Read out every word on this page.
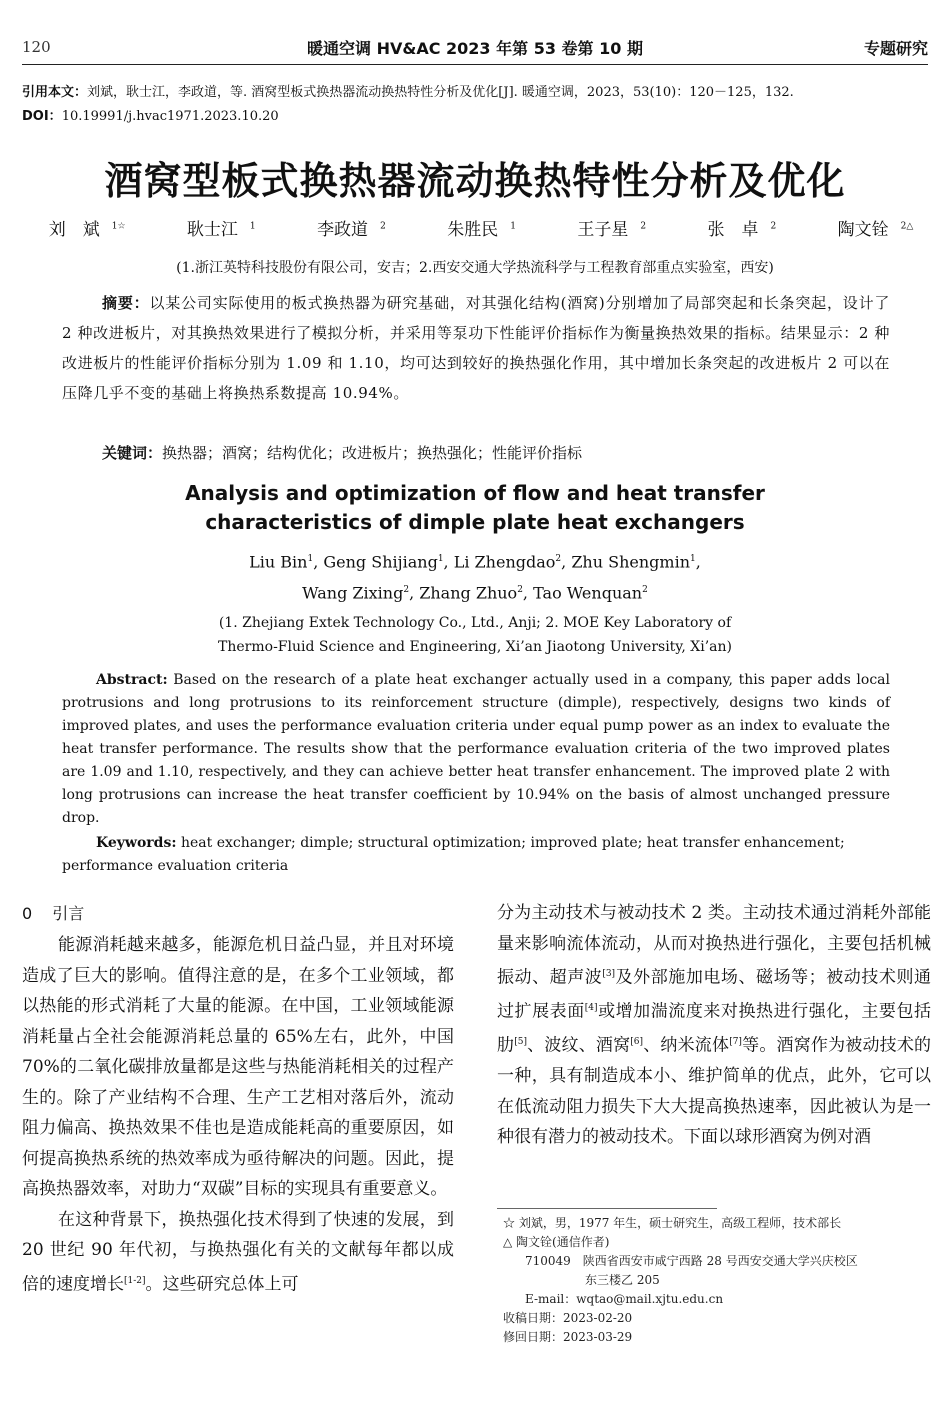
120	暖通空调 HV&AC 2023 年第 53 卷第 10 期	专题研究
引用本文：刘斌，耿士江，李政道，等. 酒窝型板式换热器流动换热特性分析及优化[J]. 暖通空调，2023，53(10)：120－125，132.
DOI：10.19991/j.hvac1971.2023.10.20
酒窝型板式换热器流动换热特性分析及优化
刘　斌 $^{1☆}$	耿士江 $^1$	李政道 $^2$	朱胜民 $^1$	王子星 $^2$	张　卓 $^2$	陶文铨 $^{2\triangle}$
(1.浙江英特科技股份有限公司，安吉；2.西安交通大学热流科学与工程教育部重点实验室，西安)
摘要：以某公司实际使用的板式换热器为研究基础，对其强化结构(酒窝)分别增加了局部突起和长条突起，设计了 2 种改进板片，对其换热效果进行了模拟分析，并采用等泵功下性能评价指标作为衡量换热效果的指标。结果显示：2 种改进板片的性能评价指标分别为 1.09 和 1.10，均可达到较好的换热强化作用，其中增加长条突起的改进板片 2 可以在压降几乎不变的基础上将换热系数提高 10.94%。
关键词：换热器；酒窝；结构优化；改进板片；换热强化；性能评价指标
Analysis and optimization of flow and heat transfer
characteristics of dimple plate heat exchangers
Liu Bin$^1$, Geng Shijiang$^1$, Li Zhengdao$^2$, Zhu Shengmin$^1$,
Wang Zixing$^2$, Zhang Zhuo$^2$, Tao Wenquan$^2$
(1. Zhejiang Extek Technology Co., Ltd., Anji; 2. MOE Key Laboratory of
Thermo-Fluid Science and Engineering, Xi’an Jiaotong University, Xi’an)
Abstract: Based on the research of a plate heat exchanger actually used in a company, this paper adds local protrusions and long protrusions to its reinforcement structure (dimple), respectively, designs two kinds of improved plates, and uses the performance evaluation criteria under equal pump power as an index to evaluate the heat transfer performance. The results show that the performance evaluation criteria of the two improved plates are 1.09 and 1.10, respectively, and they can achieve better heat transfer enhancement. The improved plate 2 with long protrusions can increase the heat transfer coefficient by 10.94% on the basis of almost unchanged pressure drop.
Keywords: heat exchanger; dimple; structural optimization; improved plate; heat transfer enhancement; performance evaluation criteria
0 引言

能源消耗越来越多，能源危机日益凸显，并且对环境造成了巨大的影响。值得注意的是，在多个工业领域，都以热能的形式消耗了大量的能源。在中国，工业领域能源消耗量占全社会能源消耗总量的 65%左右，此外，中国 70%的二氧化碳排放量都是这些与热能消耗相关的过程产生的。除了产业结构不合理、生产工艺相对落后外，流动阻力偏高、换热效果不佳也是造成能耗高的重要原因，如何提高换热系统的热效率成为亟待解决的问题。因此，提高换热器效率，对助力“双碳”目标的实现具有重要意义。

在这种背景下，换热强化技术得到了快速的发展，到 20 世纪 90 年代初，与换热强化有关的文献每年都以成倍的速度增长[1-2]。这些研究总体上可

分为主动技术与被动技术 2 类。主动技术通过消耗外部能量来影响流体流动，从而对换热进行强化，主要包括机械振动、超声波[3]及外部施加电场、磁场等；被动技术则通过扩展表面[4]或增加湍流度来对换热进行强化，主要包括肋[5]、波纹、酒窝[6]、纳米流体[7]等。酒窝作为被动技术的一种，具有制造成本小、维护简单的优点，此外，它可以在低流动阻力损失下大大提高换热速率，因此被认为是一种很有潜力的被动技术。下面以球形酒窝为例对酒

☆ 刘斌，男，1977 年生，硕士研究生，高级工程师，技术部长
△ 陶文铨(通信作者)
710049　陕西省西安市咸宁西路 28 号西安交通大学兴庆校区
东三楼乙 205
E-mail：wqtao@mail.xjtu.edu.cn
收稿日期：2023-02-20
修回日期：2023-03-29
